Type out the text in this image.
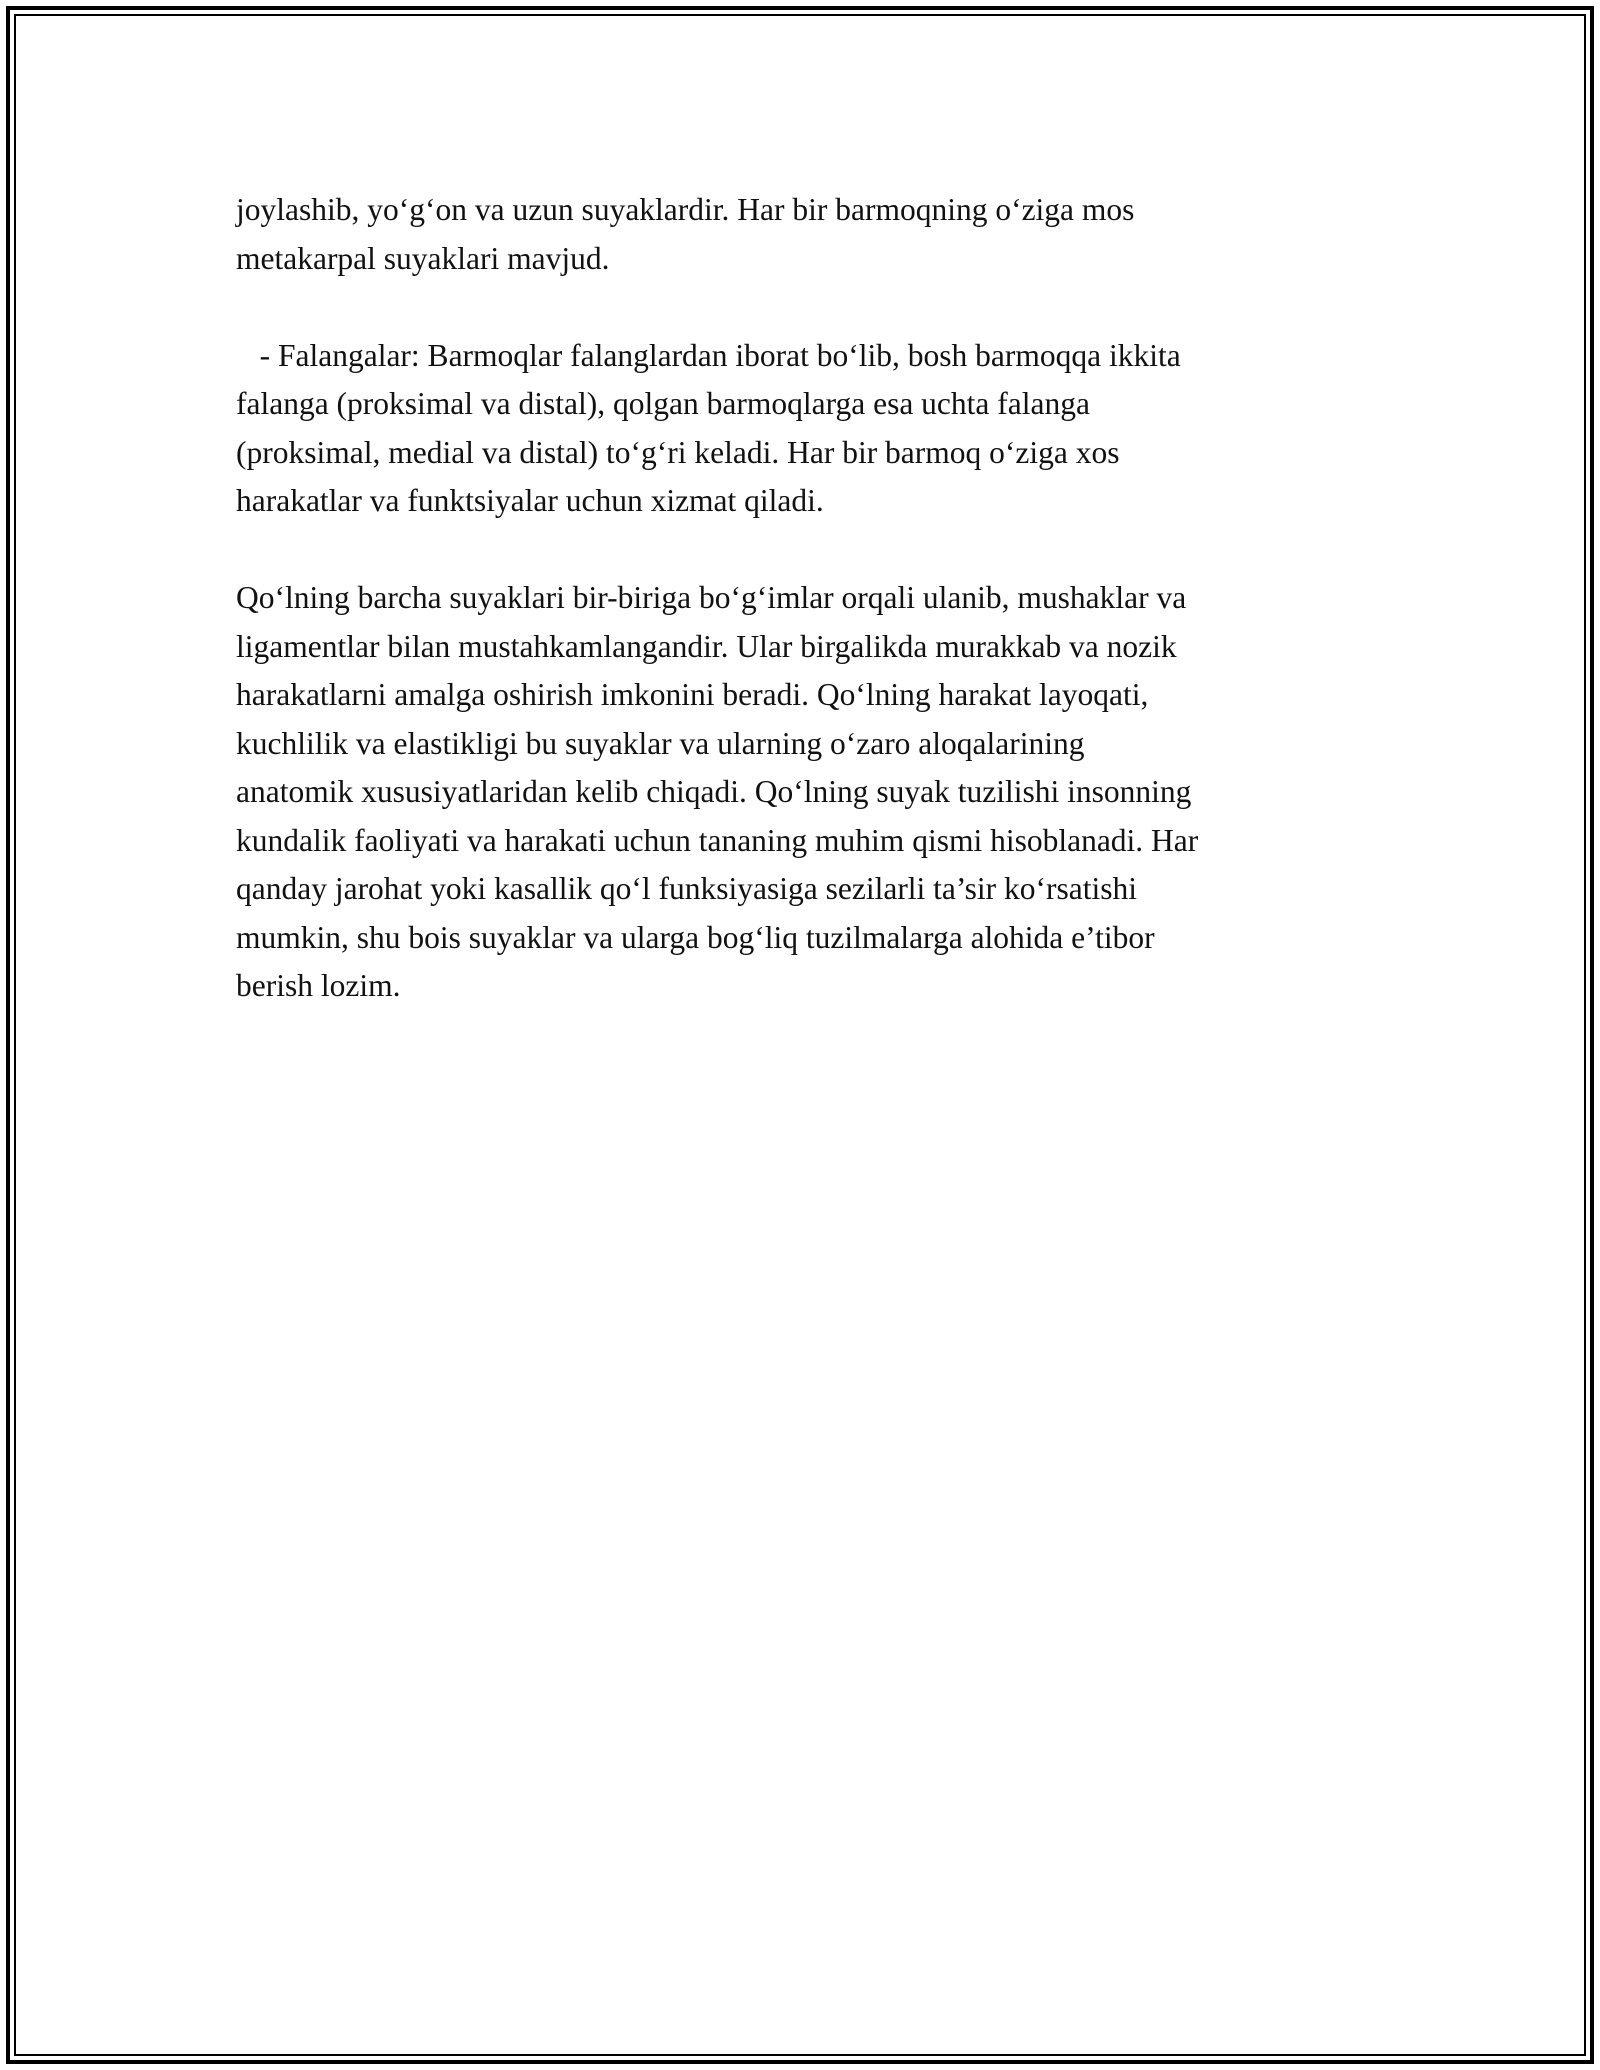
joylashib, yo‘g‘on va uzun suyaklardir. Har bir barmoqning o‘ziga mos
metakarpal suyaklari mavjud.

- Falangalar: Barmoqlar falanglardan iborat bo‘lib, bosh barmoqqa ikkita
falanga (proksimal va distal), qolgan barmoqlarga esa uchta falanga
(proksimal, medial va distal) to‘g‘ri keladi. Har bir barmoq o‘ziga xos
harakatlar va funktsiyalar uchun xizmat qiladi.

Qo‘lning barcha suyaklari bir-biriga bo‘g‘imlar orqali ulanib, mushaklar va
ligamentlar bilan mustahkamlangandir. Ular birgalikda murakkab va nozik
harakatlarni amalga oshirish imkonini beradi. Qo‘lning harakat layoqati,
kuchlilik va elastikligi bu suyaklar va ularning o‘zaro aloqalarining
anatomik xususiyatlaridan kelib chiqadi. Qo‘lning suyak tuzilishi insonning
kundalik faoliyati va harakati uchun tananing muhim qismi hisoblanadi. Har
qanday jarohat yoki kasallik qo‘l funksiyasiga sezilarli ta’sir ko‘rsatishi
mumkin, shu bois suyaklar va ularga bog‘liq tuzilmalarga alohida e’tibor
berish lozim.
